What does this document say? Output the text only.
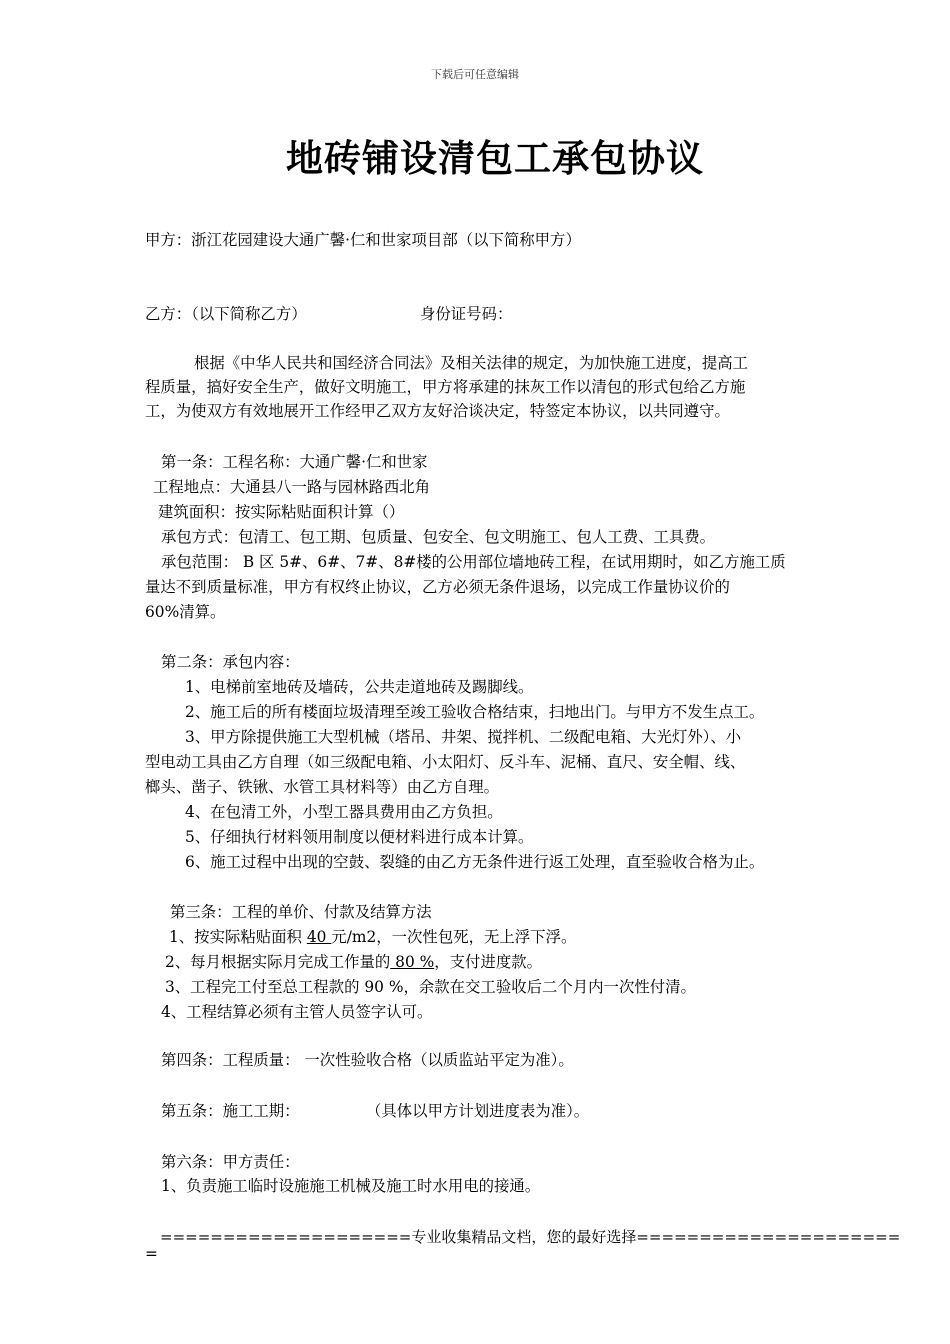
下载后可任意编辑
地砖铺设清包工承包协议
甲方：浙江花园建设大通广馨·仁和世家项目部（以下简称甲方）
乙方：（以下简称乙方）	身份证号码：
根据《中华人民共和国经济合同法》及相关法律的规定，为加快施工进度，提高工
程质量，搞好安全生产，做好文明施工，甲方将承建的抹灰工作以清包的形式包给乙方施
工，为使双方有效地展开工作经甲乙双方友好洽谈决定，特签定本协议，以共同遵守。
第一条：工程名称：大通广馨·仁和世家
工程地点：大通县八一路与园林路西北角
建筑面积：按实际粘贴面积计算（）
承包方式：包清工、包工期、包质量、包安全、包文明施工、包人工费、工具费。
承包范围： B 区 5#、6#、7#、8#楼的公用部位墙地砖工程，在试用期时，如乙方施工质
量达不到质量标准，甲方有权终止协议，乙方必须无条件退场，以完成工作量协议价的
60%清算。
第二条：承包内容：
1、电梯前室地砖及墙砖，公共走道地砖及踢脚线。
2、施工后的所有楼面垃圾清理至竣工验收合格结束，扫地出门。与甲方不发生点工。
3、甲方除提供施工大型机械（塔吊、井架、搅拌机、二级配电箱、大光灯外）、小
型电动工具由乙方自理（如三级配电箱、小太阳灯、反斗车、泥桶、直尺、安全帽、线、
榔头、凿子、铁锹、水管工具材料等）由乙方自理。
4、在包清工外，小型工器具费用由乙方负担。
5、仔细执行材料领用制度以便材料进行成本计算。
6、施工过程中出现的空鼓、裂缝的由乙方无条件进行返工处理，直至验收合格为止。
第三条：工程的单价、付款及结算方法
1、按实际粘贴面积 40 元/m2，一次性包死，无上浮下浮。
2、每月根据实际月完成工作量的 80 %，支付进度款。
3、工程完工付至总工程款的 90 %，余款在交工验收后二个月内一次性付清。
4、工程结算必须有主管人员签字认可。
第四条：工程质量： 一次性验收合格（以质监站平定为准）。
第五条：施工工期：	（具体以甲方计划进度表为准）。
第六条：甲方责任：
1、负责施工临时设施施工机械及施工时水用电的接通。
====================专业收集精品文档，您的最好选择=====================
=
